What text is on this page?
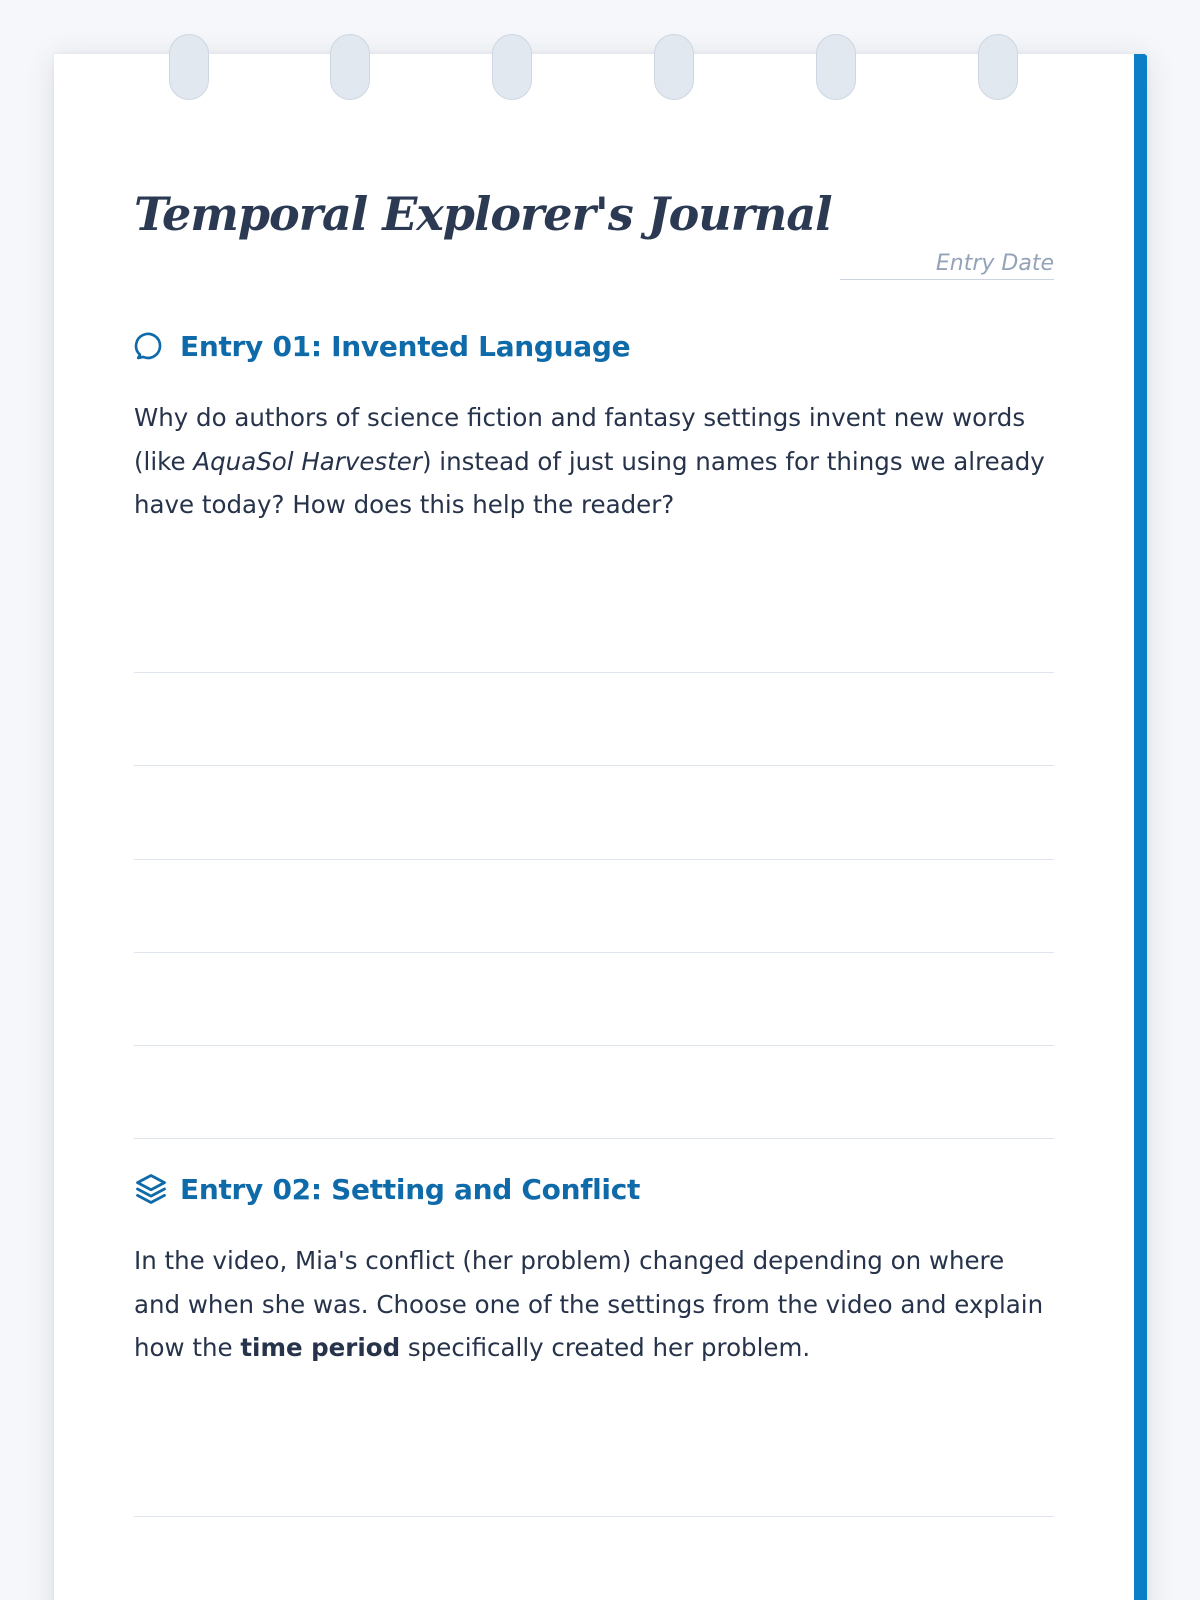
Temporal Explorer's Journal
Entry Date
Entry 01: Invented Language

Why do authors of science fiction and fantasy settings invent new words (like AquaSol Harvester) instead of just using names for things we already have today? How does this help the reader?

Entry 02: Setting and Conflict

In the video, Mia's conflict (her problem) changed depending on where and when she was. Choose one of the settings from the video and explain how the time period specifically created her problem.
